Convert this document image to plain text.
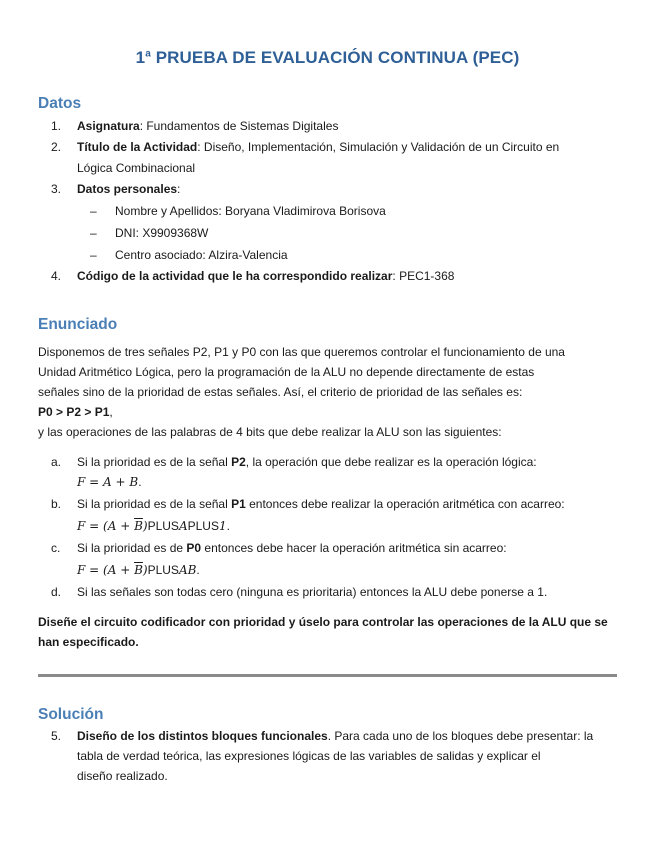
1$^a$ PRUEBA DE EVALUACIÓN CONTINUA (PEC)
Datos
1. Asignatura: Fundamentos de Sistemas Digitales
2. Título de la Actividad: Diseño, Implementación, Simulación y Validación de un Circuito en
Lógica Combinacional
3. Datos personales:
– Nombre y Apellidos: Boryana Vladimirova Borisova
– DNI: X9909368W
– Centro asociado: Alzira-Valencia
4. Código de la actividad que le ha correspondido realizar: PEC1-368
Enunciado
Disponemos de tres señales P2, P1 y P0 con las que queremos controlar el funcionamiento de una
Unidad Aritmético Lógica, pero la programación de la ALU no depende directamente de estas
señales sino de la prioridad de estas señales. Así, el criterio de prioridad de las señales es:
P0 > P2 > P1,
y las operaciones de las palabras de 4 bits que debe realizar la ALU son las siguientes:
a. Si la prioridad es de la señal P2, la operación que debe realizar es la operación lógica:
F = A + B.
b. Si la prioridad es de la señal P1 entonces debe realizar la operación aritmética con acarreo:
$F = (A + \overline{B})PLUSAPLUS1$.
c. Si la prioridad es de P0 entonces debe hacer la operación aritmética sin acarreo:
$F = (A + \overline{B})PLUSAB$.
d. Si las señales son todas cero (ninguna es prioritaria) entonces la ALU debe ponerse a 1.
Diseñe el circuito codificador con prioridad y úselo para controlar las operaciones de la ALU que se
han especificado.
Solución
5. Diseño de los distintos bloques funcionales. Para cada uno de los bloques debe presentar: la
tabla de verdad teórica, las expresiones lógicas de las variables de salidas y explicar el
diseño realizado.
